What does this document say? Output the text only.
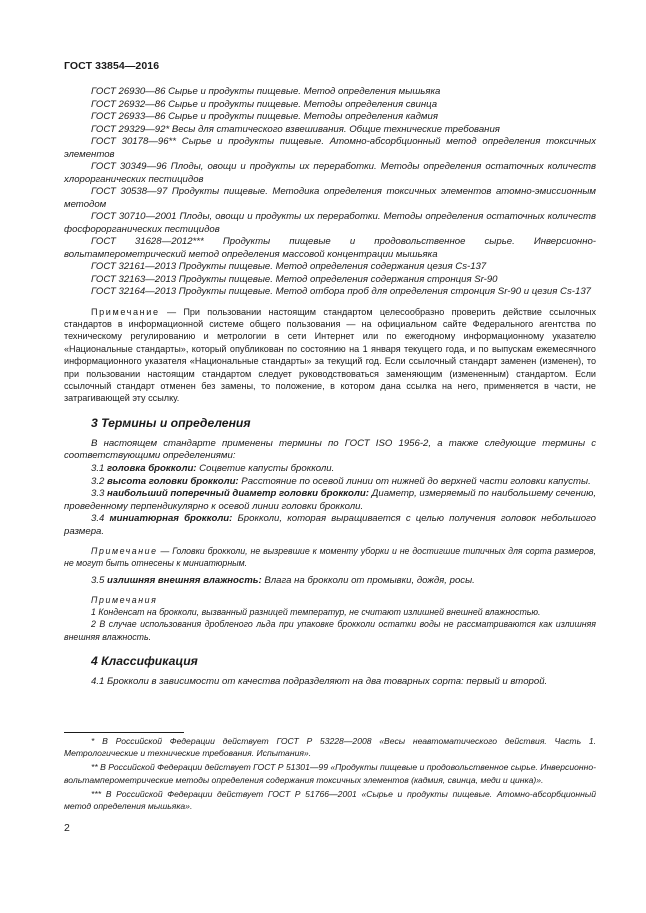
ГОСТ 33854—2016

ГОСТ 26930—86 Сырье и продукты пищевые. Метод определения мышьяка

ГОСТ 26932—86 Сырье и продукты пищевые. Методы определения свинца

ГОСТ 26933—86 Сырье и продукты пищевые. Методы определения кадмия

ГОСТ 29329—92* Весы для статического взвешивания. Общие технические требования

ГОСТ 30178—96** Сырье и продукты пищевые. Атомно-абсорбционный метод определения токсичных элементов

ГОСТ 30349—96 Плоды, овощи и продукты их переработки. Методы определения остаточных количеств хлорорганических пестицидов

ГОСТ 30538—97 Продукты пищевые. Методика определения токсичных элементов атомно-эмиссионным методом

ГОСТ 30710—2001 Плоды, овощи и продукты их переработки. Методы определения остаточных количеств фосфорорганических пестицидов

ГОСТ 31628—2012*** Продукты пищевые и продовольственное сырье. Инверсионно-вольтамперометрический метод определения массовой концентрации мышьяка

ГОСТ 32161—2013 Продукты пищевые. Метод определения содержания цезия Cs-137

ГОСТ 32163—2013 Продукты пищевые. Метод определения содержания стронция Sr-90

ГОСТ 32164—2013 Продукты пищевые. Метод отбора проб для определения стронция Sr-90 и цезия Cs-137

Примечание — При пользовании настоящим стандартом целесообразно проверить действие ссылочных стандартов в информационной системе общего пользования — на официальном сайте Федерального агентства по техническому регулированию и метрологии в сети Интернет или по ежегодному информационному указателю «Национальные стандарты», который опубликован по состоянию на 1 января текущего года, и по выпускам ежемесячного информационного указателя «Национальные стандарты» за текущий год. Если ссылочный стандарт заменен (изменен), то при пользовании настоящим стандартом следует руководствоваться заменяющим (измененным) стандартом. Если ссылочный стандарт отменен без замены, то положение, в котором дана ссылка на него, применяется в части, не затрагивающей эту ссылку.

3 Термины и определения

В настоящем стандарте применены термины по ГОСТ ISO 1956-2, а также следующие термины с соответствующими определениями:

3.1 головка брокколи: Соцветие капусты брокколи.

3.2 высота головки брокколи: Расстояние по осевой линии от нижней до верхней части головки капусты.

3.3 наибольший поперечный диаметр головки брокколи: Диаметр, измеряемый по наибольшему сечению, проведенному перпендикулярно к осевой линии головки брокколи.

3.4 миниатюрная брокколи: Брокколи, которая выращивается с целью получения головок небольшого размера.

Примечание — Головки брокколи, не вызревшие к моменту уборки и не достигшие типичных для сорта размеров, не могут быть отнесены к миниатюрным.

3.5 излишняя внешняя влажность: Влага на брокколи от промывки, дождя, росы.

Примечания

1 Конденсат на брокколи, вызванный разницей температур, не считают излишней внешней влажностью.

2 В случае использования дробленого льда при упаковке брокколи остатки воды не рассматриваются как излишняя внешняя влажность.

4 Классификация

4.1 Брокколи в зависимости от качества подразделяют на два товарных сорта: первый и второй.

* В Российской Федерации действует ГОСТ Р 53228—2008 «Весы неавтоматического действия. Часть 1. Метрологические и технические требования. Испытания».

** В Российской Федерации действует ГОСТ Р 51301—99 «Продукты пищевые и продовольственное сырье. Инверсионно-вольтамперометрические методы определения содержания токсичных элементов (кадмия, свинца, меди и цинка)».

*** В Российской Федерации действует ГОСТ Р 51766—2001 «Сырье и продукты пищевые. Атомно-абсорбционный метод определения мышьяка».

2
